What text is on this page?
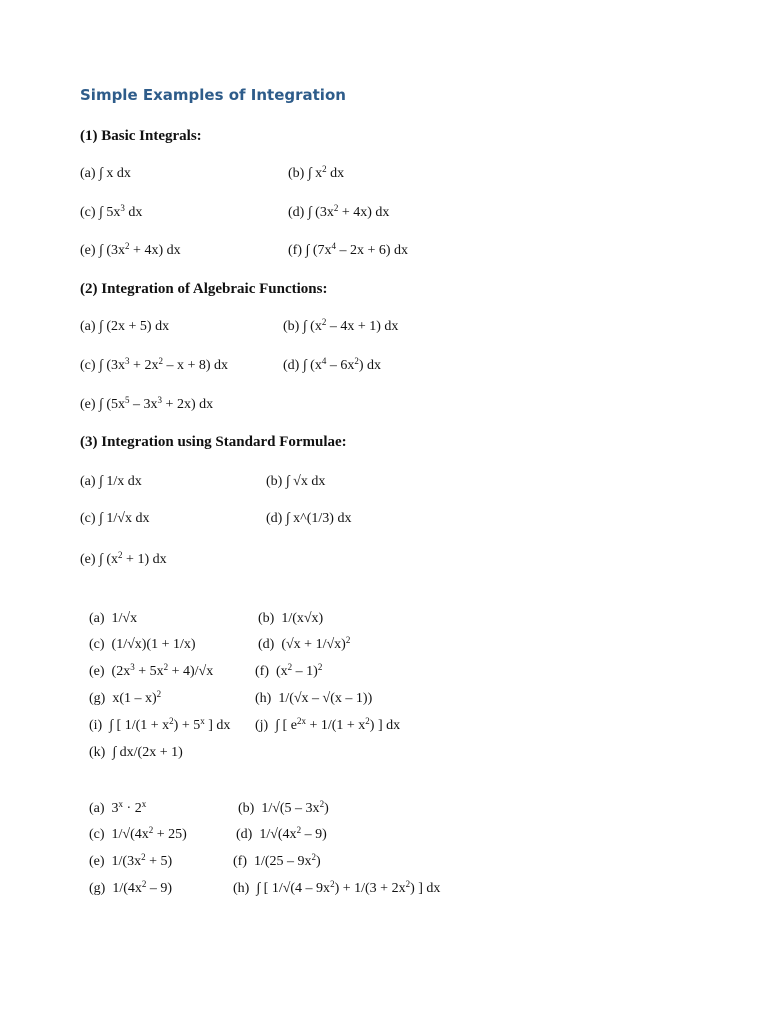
Simple Examples of Integration
(1) Basic Integrals:
(a) ∫ x dx	(b) ∫ $x^2$ dx
(c) ∫ $5x^3$ dx	(d) ∫ $(3x^2 + 4x)$ dx
(e) ∫ $(3x^2 + 4x)$ dx	(f) ∫ $(7x^4 - 2x + 6)$ dx
(2) Integration of Algebraic Functions:
(a) ∫ (2x + 5) dx	(b) ∫ $(x^2 - 4x + 1)$ dx
(c) ∫ $(3x^3 + 2x^2 - x + 8)$ dx	(d) ∫ $(x^4 - 6x^2)$ dx
(e) ∫ $(5x^5 - 3x^3 + 2x)$ dx
(3) Integration using Standard Formulae:
(a) ∫ 1/x dx	(b) ∫ √x dx
(c) ∫ 1/√x dx	(d) ∫ x^(1/3) dx
(e) ∫ $(x^2 + 1)$ dx
(a)  1/√x	(b)  1/(x√x)
(c)  (1/√x)(1 + 1/x)	(d)  $(√x + 1/√x)^2$
(e)  $(2x^3 + 5x^2 + 4)/√x$	(f)  $(x^2 - 1)^2$
(g)  x(1 – x)$^2$	(h)  1/(√x – √(x – 1))
(i)  ∫ [ $1/(1 + x^2) + 5^x$ ] dx (j)  ∫ [ $e^{2x} + 1/(1 + x^2)$ ] dx
(k)  ∫ dx/(2x + 1)
(a)  $3^x \cdot 2^x$	(b)  $1/√(5 - 3x^2)$
(c)  $1/√(4x^2 + 25)$	(d)  $1/√(4x^2 - 9)$
(e)  $1/(3x^2 + 5)$	(f)  $1/(25 - 9x^2)$
(g)  $1/(4x^2 - 9)$	(h)  ∫ [ $1/√(4 - 9x^2) + 1/(3 + 2x^2)$ ] dx
